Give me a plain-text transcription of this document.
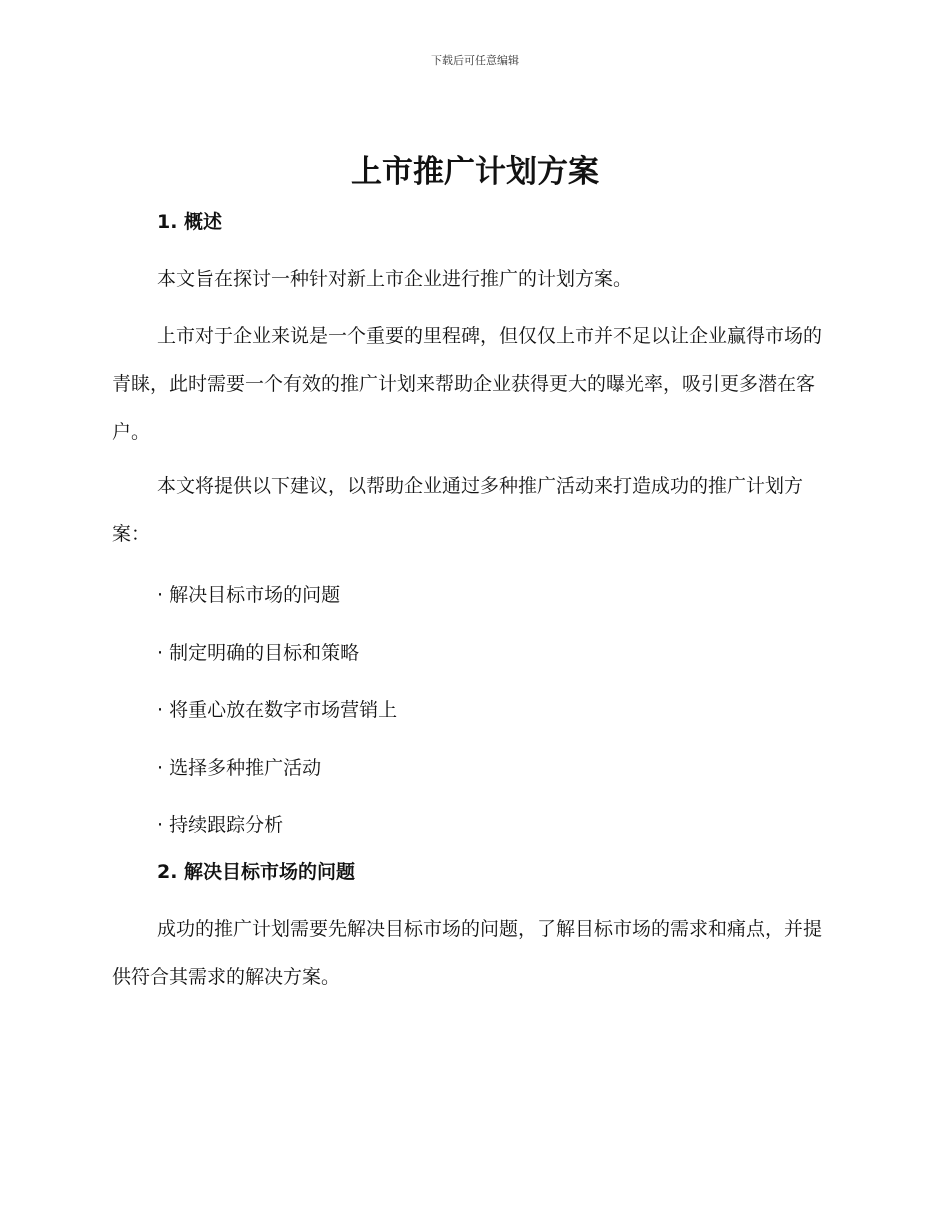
下载后可任意编辑
上市推广计划方案
1. 概述

本文旨在探讨一种针对新上市企业进行推广的计划方案。

上市对于企业来说是一个重要的里程碑，但仅仅上市并不足以让企业赢得市场的青睐，此时需要一个有效的推广计划来帮助企业获得更大的曝光率，吸引更多潜在客户。

本文将提供以下建议，以帮助企业通过多种推广活动来打造成功的推广计划方案：

· 解决目标市场的问题
· 制定明确的目标和策略
· 将重心放在数字市场营销上
· 选择多种推广活动
· 持续跟踪分析
2. 解决目标市场的问题

成功的推广计划需要先解决目标市场的问题，了解目标市场的需求和痛点，并提供符合其需求的解决方案。
